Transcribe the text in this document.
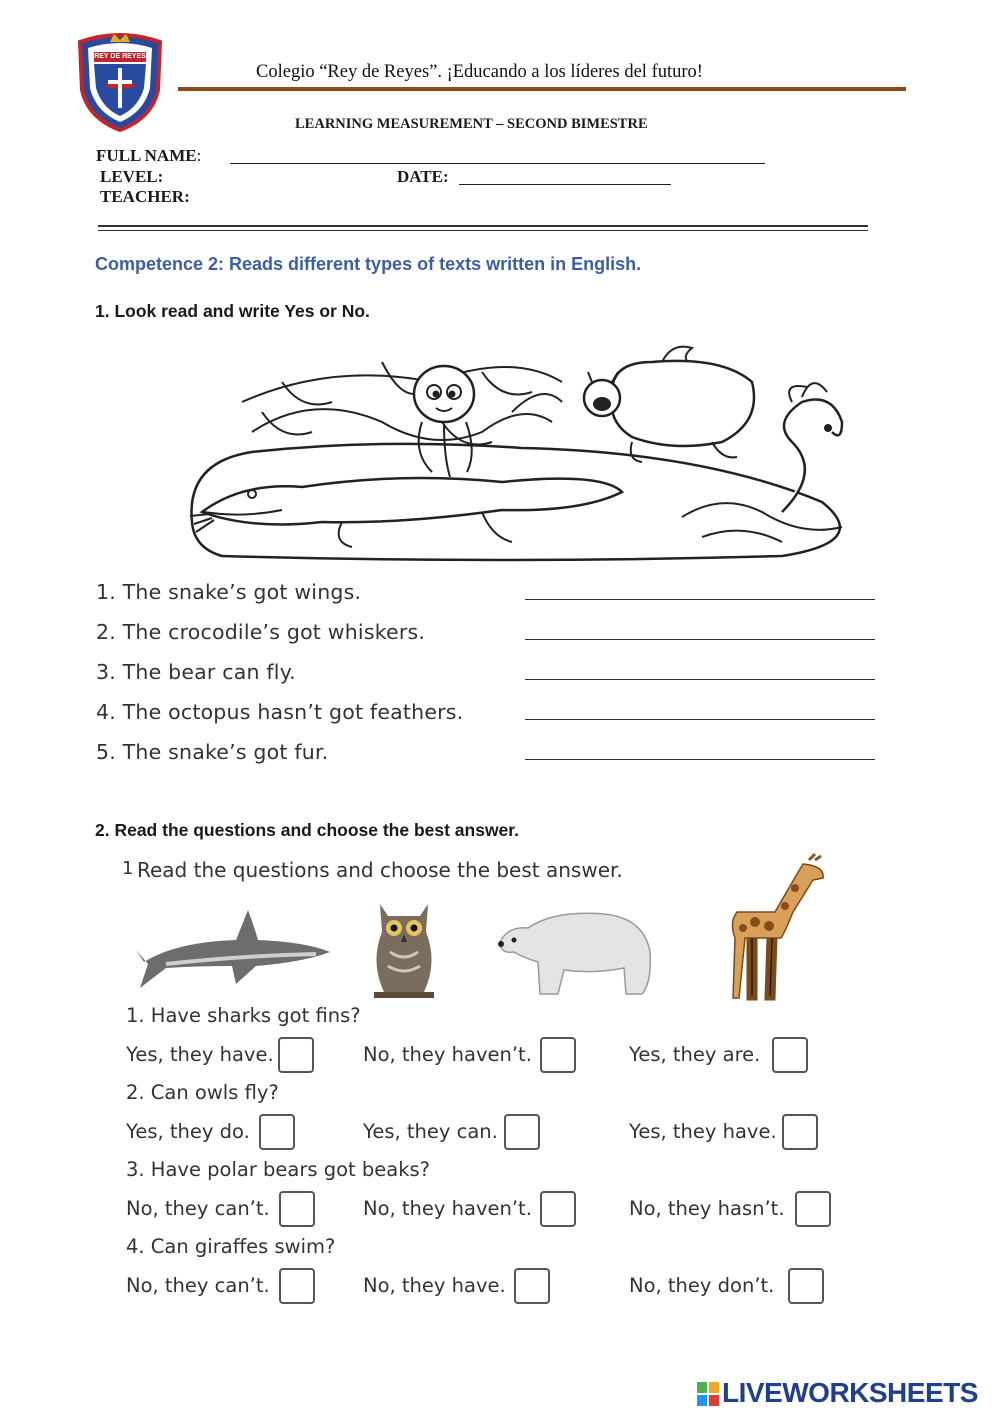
REY DE REYES
Colegio “Rey de Reyes”. ¡Educando a los líderes del futuro!
LEARNING MEASUREMENT – SECOND BIMESTRE
FULL NAME:
LEVEL:	DATE:
TEACHER:
Competence 2: Reads different types of texts written in English.
1. Look read and write Yes or No.
1. The snake’s got wings.
2. The crocodile’s got whiskers.
3. The bear can fly.
4. The octopus hasn’t got feathers.
5. The snake’s got fur.
2. Read the questions and choose the best answer.
1 Read the questions and choose the best answer.
1. Have sharks got fins?
Yes, they have.	No, they haven’t.	Yes, they are.
2. Can owls fly?
Yes, they do.	Yes, they can.	Yes, they have.
3. Have polar bears got beaks?
No, they can’t.	No, they haven’t.	No, they hasn’t.
4. Can giraffes swim?
No, they can’t.	No, they have.	No, they don’t.
LIVEWORKSHEETS
